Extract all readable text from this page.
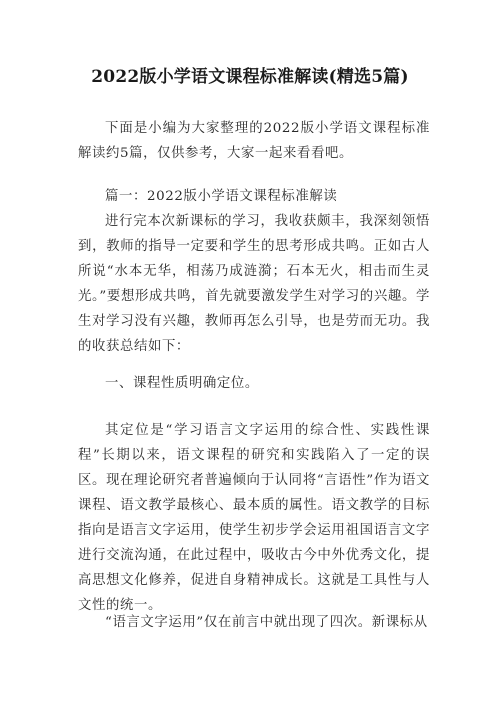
2022版小学语文课程标准解读(精选5篇)

下面是小编为大家整理的2022版小学语文课程标准解读约5篇，仅供参考，大家一起来看看吧。

篇一：2022版小学语文课程标准解读

进行完本次新课标的学习，我收获颇丰，我深刻领悟到，教师的指导一定要和学生的思考形成共鸣。正如古人所说“水本无华，相荡乃成涟漪；石本无火，相击而生灵光。”要想形成共鸣，首先就要激发学生对学习的兴趣。学生对学习没有兴趣，教师再怎么引导，也是劳而无功。我的收获总结如下：

一、课程性质明确定位。

其定位是“学习语言文字运用的综合性、实践性课程”长期以来，语文课程的研究和实践陷入了一定的误区。现在理论研究者普遍倾向于认同将“言语性”作为语文课程、语文教学最核心、最本质的属性。语文教学的目标指向是语言文字运用，使学生初步学会运用祖国语言文字进行交流沟通，在此过程中，吸收古今中外优秀文化，提高思想文化修养，促进自身精神成长。这就是工具性与人文性的统一。

“语言文字运用”仅在前言中就出现了四次。新课标从
